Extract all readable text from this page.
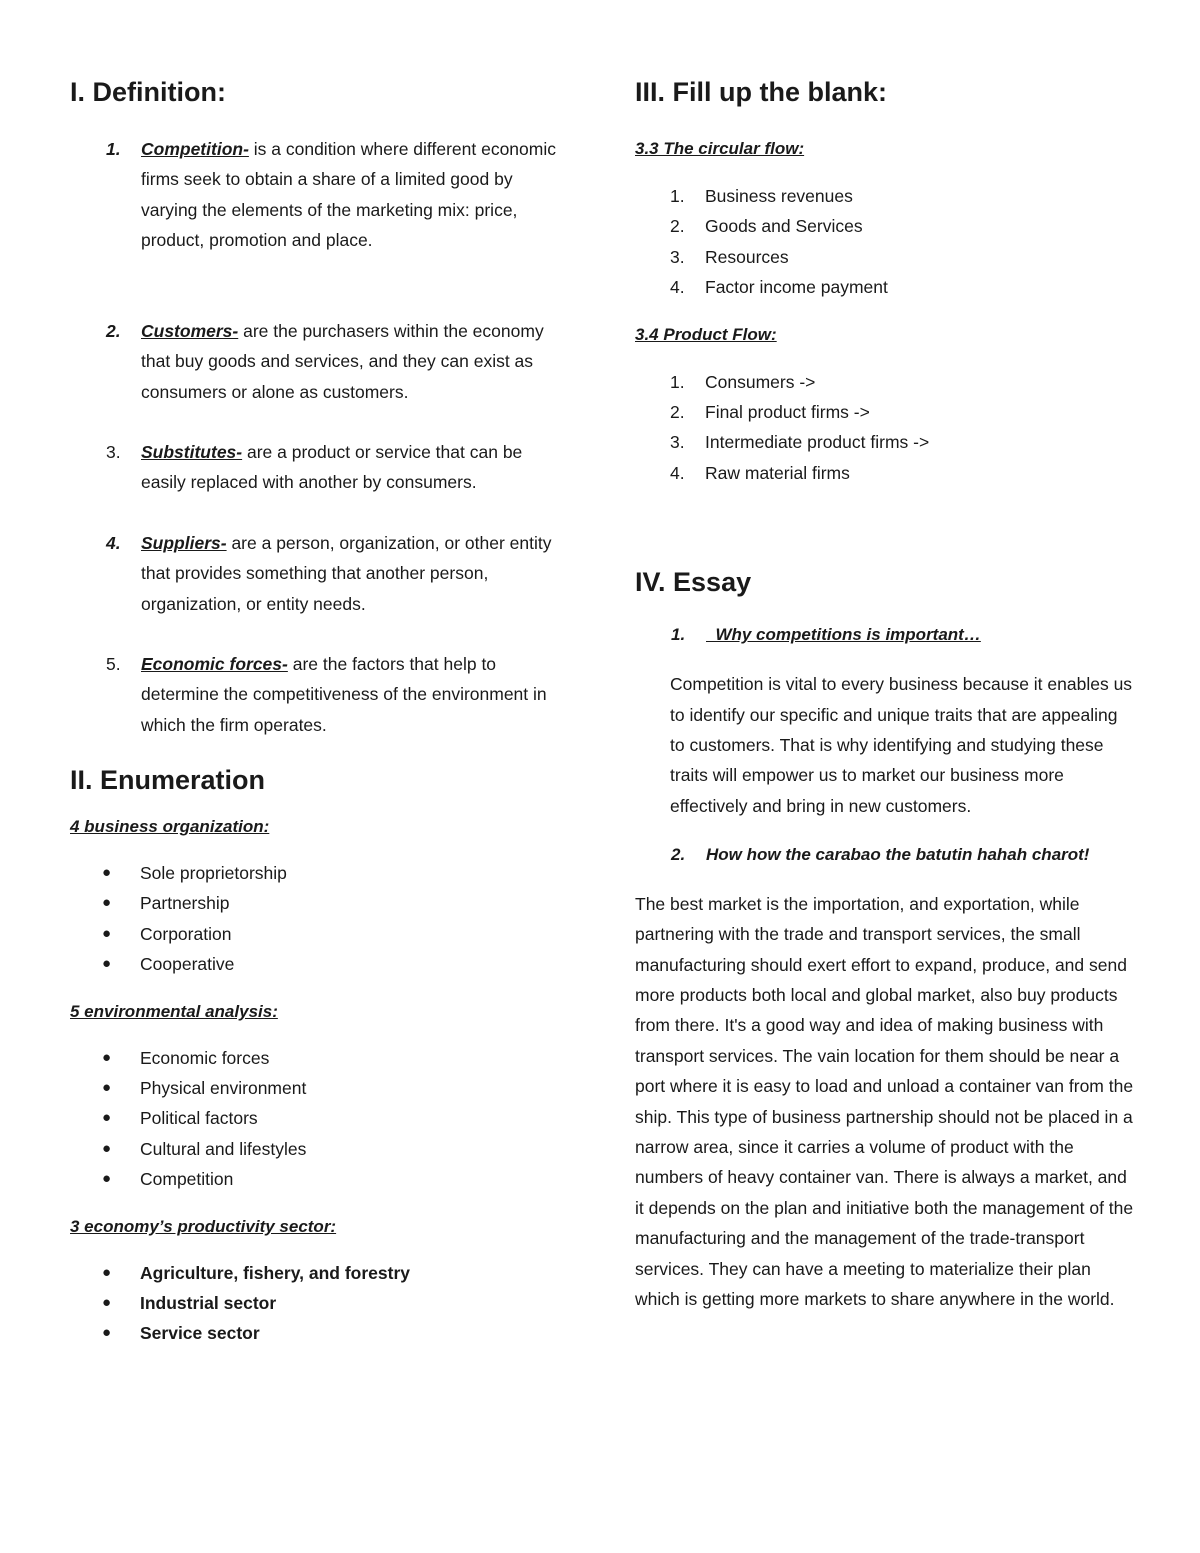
I. Definition:
1. Competition- is a condition where different economic firms seek to obtain a share of a limited good by varying the elements of the marketing mix: price, product, promotion and place.
2. Customers- are the purchasers within the economy that buy goods and services, and they can exist as consumers or alone as customers.
3. Substitutes- are a product or service that can be easily replaced with another by consumers.
4. Suppliers- are a person, organization, or other entity that provides something that another person, organization, or entity needs.
5. Economic forces- are the factors that help to determine the competitiveness of the environment in which the firm operates.
II. Enumeration
4 business organization:
● Sole proprietorship
● Partnership
● Corporation
● Cooperative
5 environmental analysis:
● Economic forces
● Physical environment
● Political factors
● Cultural and lifestyles
● Competition
3 economy’s productivity sector:
● Agriculture, fishery, and forestry
● Industrial sector
● Service sector
III. Fill up the blank:
3.3 The circular flow:
1. Business revenues
2. Goods and Services
3. Resources
4. Factor income payment
3.4 Product Flow:
1. Consumers ->
2. Final product firms ->
3. Intermediate product firms ->
4. Raw material firms
IV. Essay
1. Why competitions is important…
Competition is vital to every business because it enables us to identify our specific and unique traits that are appealing to customers. That is why identifying and studying these traits will empower us to market our business more effectively and bring in new customers.
2. How how the carabao the batutin hahah charot!
The best market is the importation, and exportation, while partnering with the trade and transport services, the small manufacturing should exert effort to expand, produce, and send more products both local and global market, also buy products from there. It's a good way and idea of making business with transport services. The vain location for them should be near a port where it is easy to load and unload a container van from the ship. This type of business partnership should not be placed in a narrow area, since it carries a volume of product with the numbers of heavy container van. There is always a market, and it depends on the plan and initiative both the management of the manufacturing and the management of the trade-transport services. They can have a meeting to materialize their plan which is getting more markets to share anywhere in the world.
